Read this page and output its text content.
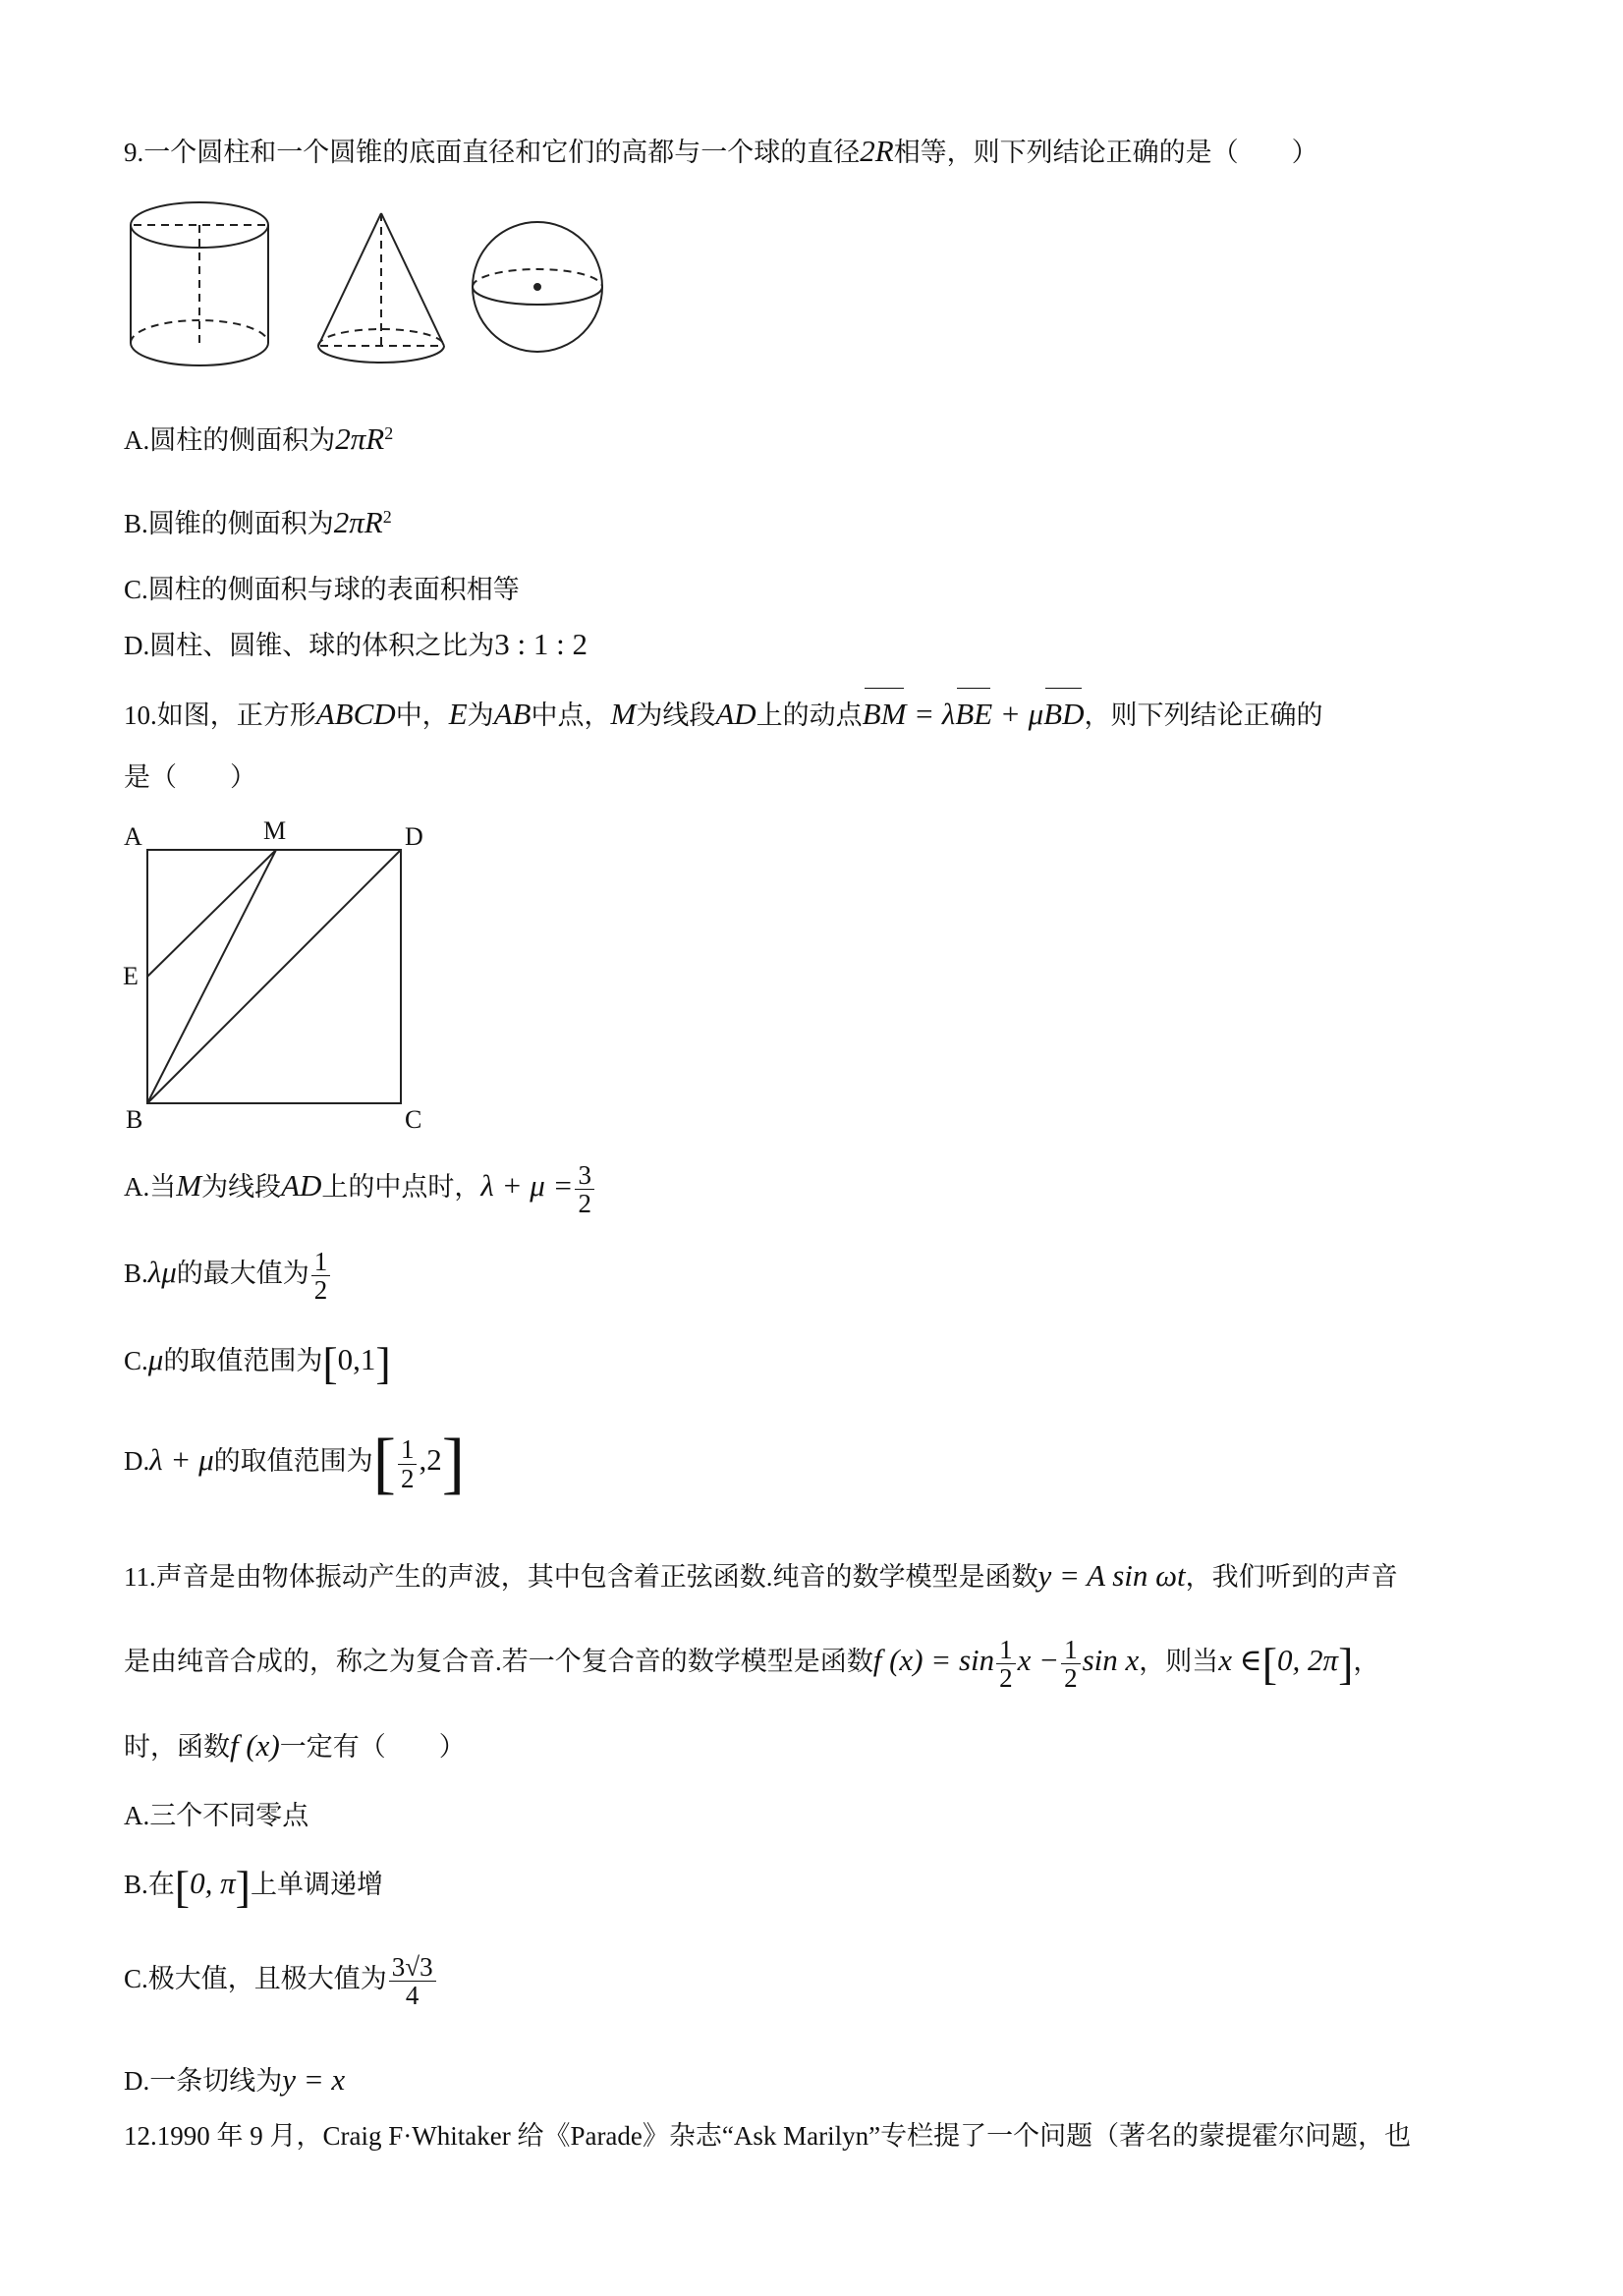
9.一个圆柱和一个圆锥的底面直径和它们的高都与一个球的直径2R相等，则下列结论正确的是（　　）
A.圆柱的侧面积为$2\pi R^2$
B.圆锥的侧面积为$2\pi R^2$
C.圆柱的侧面积与球的表面积相等
D.圆柱、圆锥、球的体积之比为3 : 1 : 2
10.如图，正方形ABCD中，E为AB中点，M为线段AD上的动点BM = λBE + μBD，则下列结论正确的
是（　　）
A	M	D
E
B	C
A.当M为线段AD上的中点时，$\lambda + \mu = \frac{3}{2}$
B.λμ的最大值为 $\frac{1}{2}$
C.μ的取值范围为[0,1]
D.λ + μ的取值范围为[ $\frac{1}{2} ,2$]
11.声音是由物体振动产生的声波，其中包含着正弦函数.纯音的数学模型是函数y = A sin ωt，我们听到的声音
是由纯音合成的，称之为复合音.若一个复合音的数学模型是函数f $(x) = \sin \frac{1}{2}$ $x - \frac{1}{2}$ sin x，则当x ∈[0, 2π]，
时，函数f (x)一定有（　　）
A.三个不同零点
B.在[0, π]上单调递增
C.极大值，且极大值为 $\frac{3√3}{4}$
D.一条切线为y = x
12.1990 年 9 月，Craig F·Whitaker 给《Parade》杂志“Ask Marilyn”专栏提了一个问题（著名的蒙提霍尔问题，也
